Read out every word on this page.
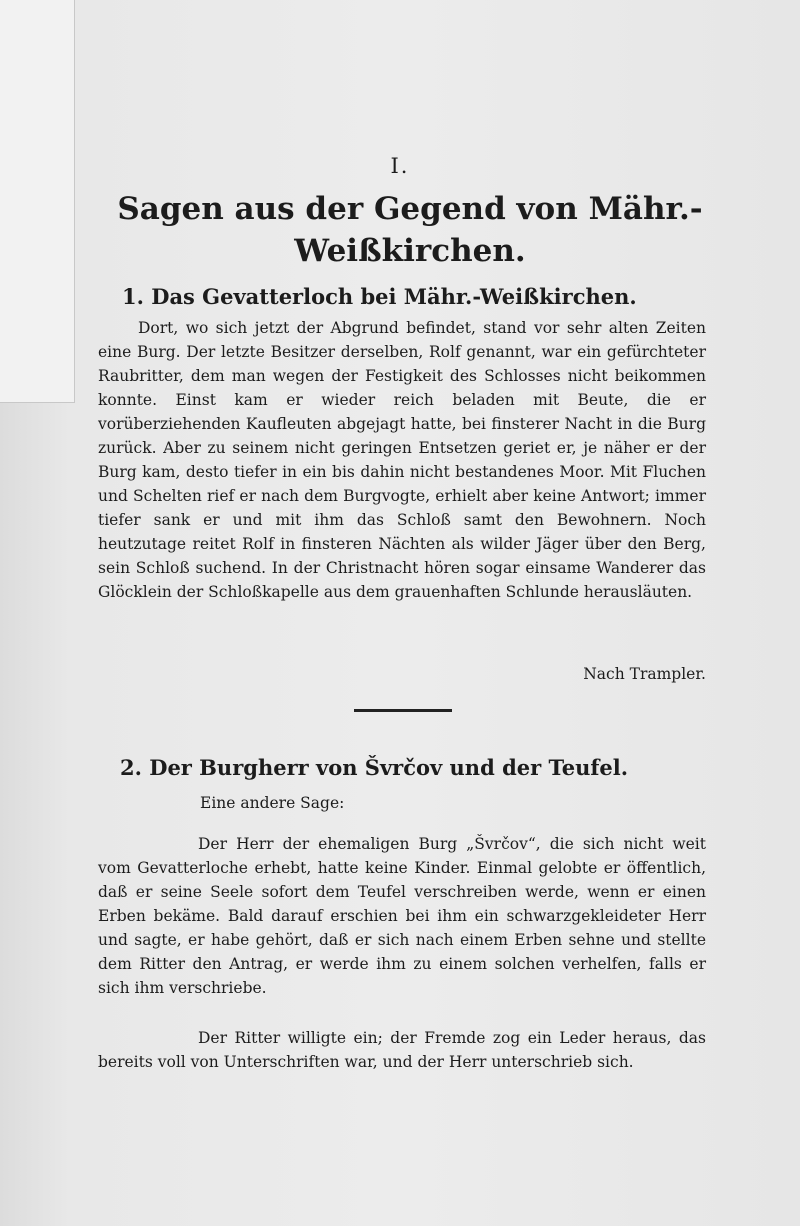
I.
Sagen aus der Gegend von Mähr.-Weißkirchen.
1. Das Gevatterloch bei Mähr.-Weißkirchen.

Dort, wo sich jetzt der Abgrund befindet, stand vor sehr alten Zeiten eine Burg. Der letzte Besitzer derselben, Rolf genannt, war ein gefürchteter Raubritter, dem man wegen der Festigkeit des Schlosses nicht beikommen konnte. Einst kam er wieder reich beladen mit Beute, die er vorüberziehenden Kaufleuten abgejagt hatte, bei finsterer Nacht in die Burg zurück. Aber zu seinem nicht geringen Entsetzen geriet er, je näher er der Burg kam, desto tiefer in ein bis dahin nicht bestandenes Moor. Mit Fluchen und Schelten rief er nach dem Burgvogte, erhielt aber keine Antwort; immer tiefer sank er und mit ihm das Schloß samt den Bewohnern. Noch heutzutage reitet Rolf in finsteren Nächten als wilder Jäger über den Berg, sein Schloß suchend. In der Christnacht hören sogar einsame Wanderer das Glöcklein der Schloßkapelle aus dem grauenhaften Schlunde herausläuten.

Nach Trampler.
2. Der Burgherr von Švrčov und der Teufel.
Eine andere Sage:

Der Herr der ehemaligen Burg „Švrčov“, die sich nicht weit vom Gevatterloche erhebt, hatte keine Kinder. Einmal gelobte er öffentlich, daß er seine Seele sofort dem Teufel verschreiben werde, wenn er einen Erben bekäme. Bald darauf erschien bei ihm ein schwarzgekleideter Herr und sagte, er habe gehört, daß er sich nach einem Erben sehne und stellte dem Ritter den Antrag, er werde ihm zu einem solchen verhelfen, falls er sich ihm verschriebe.

Der Ritter willigte ein; der Fremde zog ein Leder heraus, das bereits voll von Unterschriften war, und der Herr unterschrieb sich.
